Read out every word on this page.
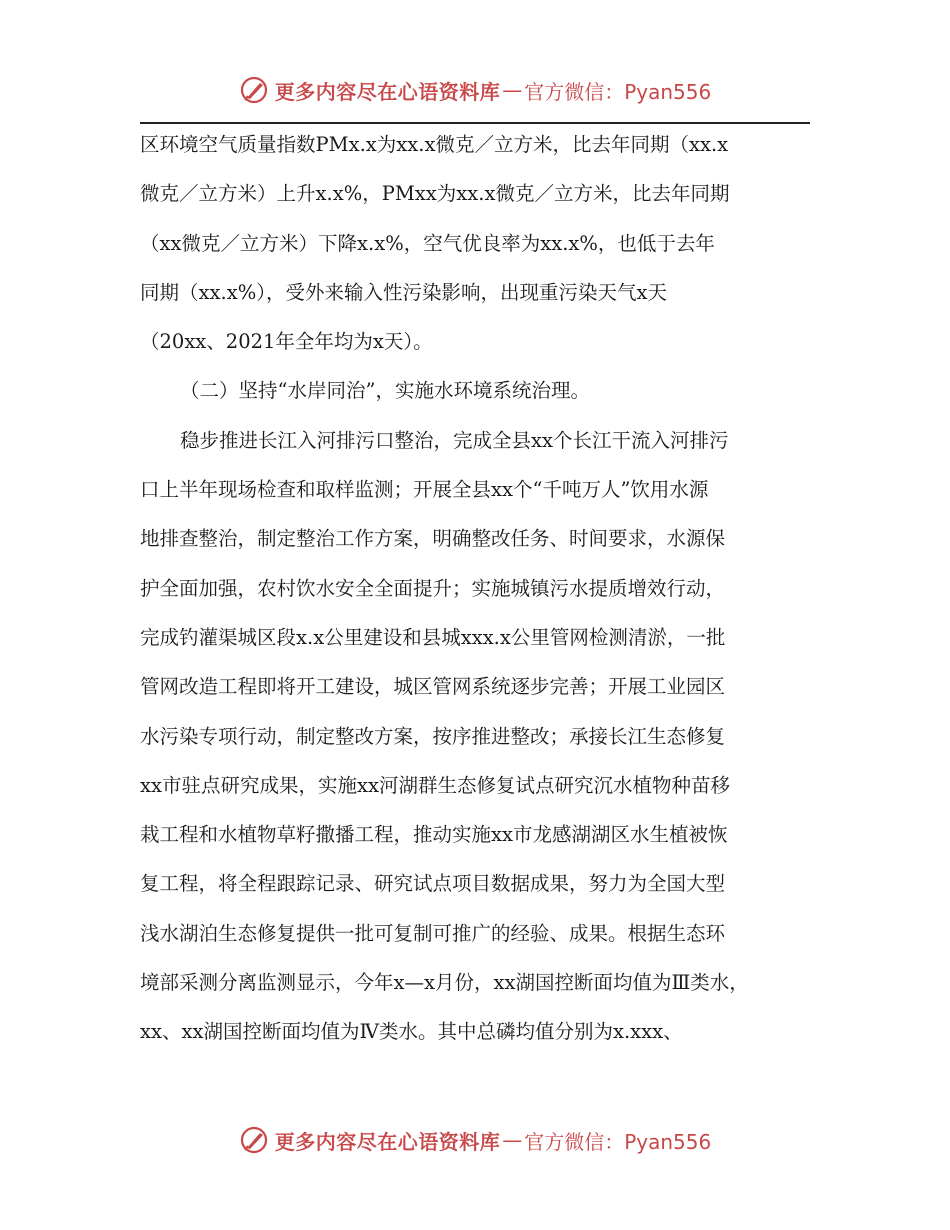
更多内容尽在心语资料库 — 官方微信：Pyan556
区环境空气质量指数PMx.x为xx.x微克／立方米，比去年同期（xx.x
微克／立方米）上升x.x%，PMxx为xx.x微克／立方米，比去年同期
（xx微克／立方米）下降x.x%，空气优良率为xx.x%，也低于去年
同期（xx.x%），受外来输入性污染影响，出现重污染天气x天
（20xx、2021年全年均为x天）。
（二）坚持“水岸同治”，实施水环境系统治理。
稳步推进长江入河排污口整治，完成全县xx个长江干流入河排污
口上半年现场检查和取样监测；开展全县xx个“千吨万人”饮用水源
地排查整治，制定整治工作方案，明确整改任务、时间要求，水源保
护全面加强，农村饮水安全全面提升；实施城镇污水提质增效行动，
完成钓灌渠城区段x.x公里建设和县城xxx.x公里管网检测清淤，一批
管网改造工程即将开工建设，城区管网系统逐步完善；开展工业园区
水污染专项行动，制定整改方案，按序推进整改；承接长江生态修复
xx市驻点研究成果，实施xx河湖群生态修复试点研究沉水植物种苗移
栽工程和水植物草籽撒播工程，推动实施xx市龙感湖湖区水生植被恢
复工程，将全程跟踪记录、研究试点项目数据成果，努力为全国大型
浅水湖泊生态修复提供一批可复制可推广的经验、成果。根据生态环
境部采测分离监测显示，今年x—x月份，xx湖国控断面均值为Ⅲ类水，
xx、xx湖国控断面均值为Ⅳ类水。其中总磷均值分别为x.xxx、
更多内容尽在心语资料库 — 官方微信：Pyan556
